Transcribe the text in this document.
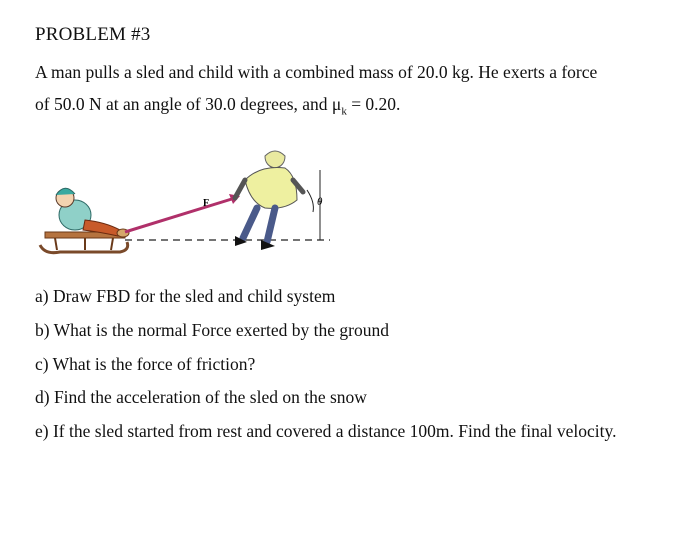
PROBLEM #3
A man pulls a sled and child with a combined mass of 20.0 kg. He exerts a force
of 50.0 N at an angle of 30.0 degrees, and $\mu_k = 0.20$.
θ
F
a) Draw FBD for the sled and child system
b) What is the normal Force exerted by the ground
c) What is the force of friction?
d) Find the acceleration of the sled on the snow
e) If the sled started from rest and covered a distance 100m. Find the final velocity.
